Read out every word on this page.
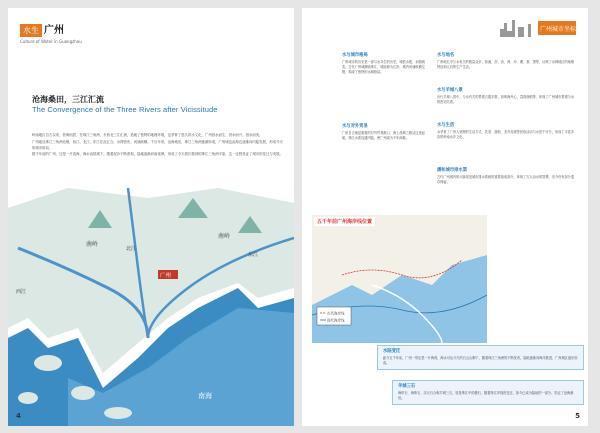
水生 广州
Culture of Water in Guangzhou
沧海桑田，三江汇流
The Convergence of the Three Rivers after Vicissitude

岭南地区自古以来，依海而居，在珠江三角洲，东西北三江汇流，造就了独特的地理环境，也孕育了悠久的水文化，广州因水而生、因水而兴、因水而美。

广州地处珠江三角洲北缘，西江、北江、东江在此汇合，水网密布，河涌纵横。千百年来，沧海桑田，珠江三角洲逐渐形成，广州城也由海边逐渐向内陆发展，形成今天的城市格局。

数千年前的广州，还是一片浅海，海水直抵城下。随着泥沙不断淤积，陆地逐渐向南延伸，形成了今天我们看到的珠江三角洲平原，这一过程见证了城市的变迁与发展。

南岭
南岭
广州
西江
北江
东江
南海
4
广州城市坐标
水与城市格局

广州城市的历史是一部与水共生的历史，城依水建，水随城变。古代广州城濒临珠江，城南即为江岸，城内河涌纵横交错，构成了独特的水城格局。

水与对外贸易

广州自古就是重要的对外贸易港口，海上丝绸之路从这里起航，珠江水系连通内陆，使广州成为千年商都。

水与地名

广州地名中与水有关的数量众多，如涌、滘、沥、洲、冲、塘、基、围等，反映了水网地区的地理特征和人们的生产生活。

水与羊城八景

历代羊城八景中，与水有关的景观占据多数，如珠海丹心、荔湾渔唱等，体现了广州城市景观与水的密切关系。

水与生活

水孕育了广州人独特的生活方式，饮茶、游船、龙舟竞渡等民俗活动与水密不可分，形成了丰富多彩的岭南水乡文化。

潘和城市排水渠

古代广州城内的六脉渠是城市排水系统的重要组成部分，体现了古人治水的智慧，至今仍有部分遗存保留。

古代海岸线
现代海岸线
五千年前广州海岸线位置
水陆变迁
距今五千年前，广州一带还是一片海湾，海水可达今天的白云山脚下，随着珠江三角洲的不断发育，陆地逐渐向海洋推进，广州城区逐步形成。
羊城三石
海印石、海珠石、浮丘石合称羊城三石，原是珠江中的礁石，随着珠江岸线的变迁，如今已成为陆地的一部分，见证了沧海桑田。
5
